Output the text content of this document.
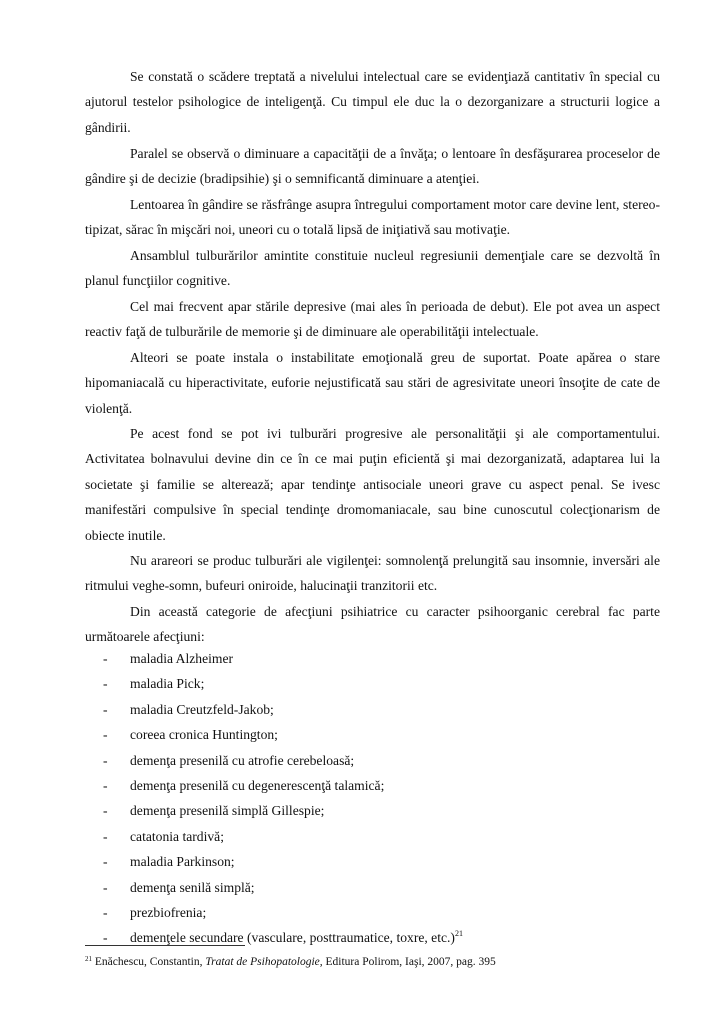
Se constată o scădere treptată a nivelului intelectual care se evidenţiază cantitativ în special cu ajutorul testelor psihologice de inteligenţă. Cu timpul ele duc la o dezorganizare a structurii logice a gândirii.

Paralel se observă o diminuare a capacităţii de a învăţa; o lentoare în desfăşurarea proceselor de gândire şi de decizie (bradipsihie) şi o semnificantă diminuare a atenţiei.

Lentoarea în gândire se răsfrânge asupra întregului comportament motor care devine lent, stereo-tipizat, sărac în mişcări noi, uneori cu o totală lipsă de iniţiativă sau motivaţie.

Ansamblul tulburărilor amintite constituie nucleul regresiunii demenţiale care se dezvoltă în planul funcţiilor cognitive.

Cel mai frecvent apar stările depresive (mai ales în perioada de debut). Ele pot avea un aspect reactiv faţă de tulburările de memorie şi de diminuare ale operabilităţii intelectuale.

Alteori se poate instala o instabilitate emoţională greu de suportat. Poate apărea o stare hipomaniacală cu hiperactivitate, euforie nejustificată sau stări de agresivitate uneori însoţite de cate de violenţă.

Pe acest fond se pot ivi tulburări progresive ale personalităţii şi ale comportamentului. Activitatea bolnavului devine din ce în ce mai puţin eficientă şi mai dezorganizată, adaptarea lui la societate şi familie se alterează; apar tendinţe antisociale uneori grave cu aspect penal. Se ivesc manifestări compulsive în special tendinţe dromomaniacale, sau bine cunoscutul colecţionarism de obiecte inutile.

Nu arareori se produc tulburări ale vigilenţei: somnolenţă prelungită sau insomnie, inversări ale ritmului veghe-somn, bufeuri oniroide, halucinaţii tranzitorii etc.

Din această categorie de afecţiuni psihiatrice cu caracter psihoorganic cerebral fac parte următoarele afecţiuni:

- maladia Alzheimer
- maladia Pick;
- maladia Creutzfeld-Jakob;
- coreea cronica Huntington;
- demenţa presenilă cu atrofie cerebeloasă;
- demenţa presenilă cu degenerescenţă talamică;
- demenţa presenilă simplă Gillespie;
- catatonia tardivă;
- maladia Parkinson;
- demenţa senilă simplă;
- prezbiofrenia;
- demenţele secundare (vasculare, posttraumatice, toxre, etc.)$^{21}$
$^{21}$ Enăchescu, Constantin, Tratat de Psihopatologie, Editura Polirom, Iaşi, 2007, pag. 395
